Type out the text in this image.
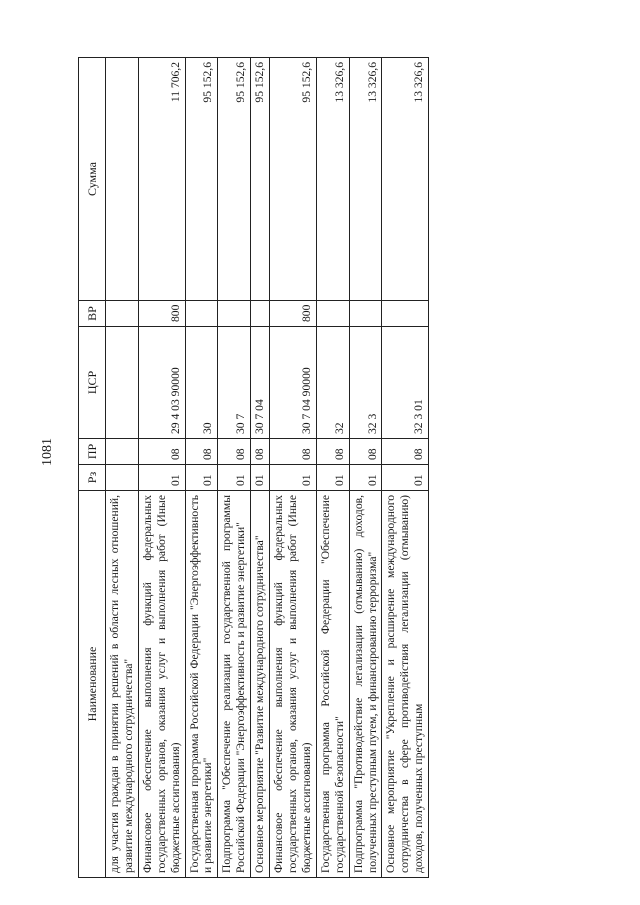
1081
Наименование	Рз	ПР	ЦСР	ВР	Сумма
для участия граждан в принятии решений в области лесных отношений, развитие международного сотрудничества"					
Финансовое обеспечение выполнения функций федеральных государственных органов, оказания услуг и выполнения работ (Иные бюджетные ассигнования)	01	08	29 4 03 90000	800	11 706,2
Государственная программа Российской Федерации "Энергоэффективность и развитие энергетики"	01	08	30		95 152,6
Подпрограмма "Обеспечение реализации государственной программы Российской Федерации "Энергоэффективность и развитие энергетики"	01	08	30 7		95 152,6
Основное мероприятие "Развитие международного сотрудничества"	01	08	30 7 04		95 152,6
Финансовое обеспечение выполнения функций федеральных государственных органов, оказания услуг и выполнения работ (Иные бюджетные ассигнования)	01	08	30 7 04 90000	800	95 152,6
Государственная программа Российской Федерации "Обеспечение государственной безопасности"	01	08	32		13 326,6
Подпрограмма "Противодействие легализации (отмыванию) доходов, полученных преступным путем, и финансированию терроризма"	01	08	32 3		13 326,6
Основное мероприятие "Укрепление и расширение международного сотрудничества в сфере противодействия легализации (отмыванию) доходов, полученных преступным	01	08	32 3 01		13 326,6
